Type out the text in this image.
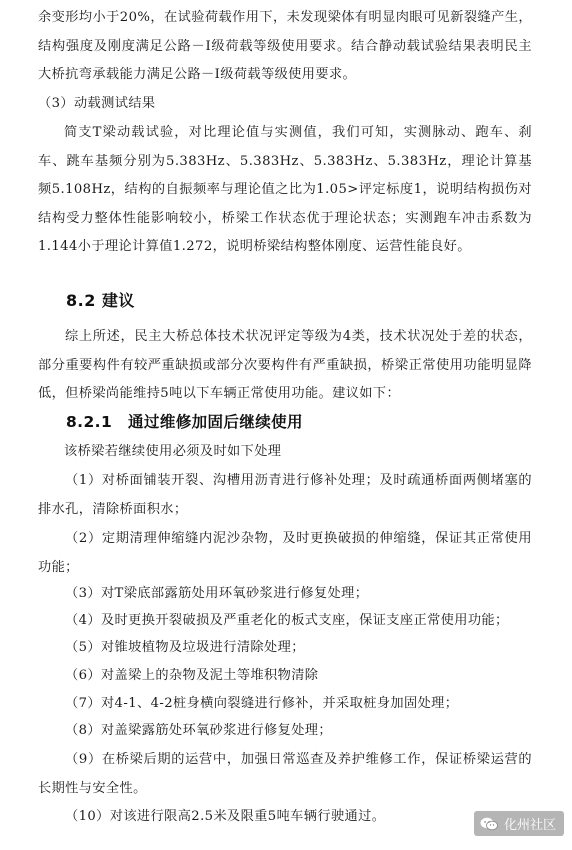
余变形均小于20%，在试验荷载作用下，未发现梁体有明显肉眼可见新裂缝产生，结构强度及刚度满足公路－Ⅰ级荷载等级使用要求。结合静动载试验结果表明民主大桥抗弯承载能力满足公路－Ⅰ级荷载等级使用要求。

（3）动载测试结果

简支T梁动载试验，对比理论值与实测值，我们可知，实测脉动、跑车、刹车、跳车基频分别为5.383Hz、5.383Hz、5.383Hz、5.383Hz，理论计算基频5.108Hz，结构的自振频率与理论值之比为1.05>评定标度1，说明结构损伤对结构受力整体性能影响较小，桥梁工作状态优于理论状态；实测跑车冲击系数为1.144小于理论计算值1.272，说明桥梁结构整体刚度、运营性能良好。

8.2 建议

综上所述，民主大桥总体技术状况评定等级为4类，技术状况处于差的状态，部分重要构件有较严重缺损或部分次要构件有严重缺损，桥梁正常使用功能明显降低，但桥梁尚能维持5吨以下车辆正常使用功能。建议如下：

8.2.1　通过维修加固后继续使用

该桥梁若继续使用必须及时如下处理

（1）对桥面铺装开裂、沟槽用沥青进行修补处理；及时疏通桥面两侧堵塞的排水孔，清除桥面积水；

（2）定期清理伸缩缝内泥沙杂物，及时更换破损的伸缩缝，保证其正常使用功能；

（3）对T梁底部露筋处用环氧砂浆进行修复处理；

（4）及时更换开裂破损及严重老化的板式支座，保证支座正常使用功能；

（5）对锥坡植物及垃圾进行清除处理；

（6）对盖梁上的杂物及泥土等堆积物清除

（7）对4-1、4-2桩身横向裂缝进行修补，并采取桩身加固处理；

（8）对盖梁露筋处环氧砂浆进行修复处理；

（9）在桥梁后期的运营中，加强日常巡查及养护维修工作，保证桥梁运营的长期性与安全性。

（10）对该进行限高2.5米及限重5吨车辆行驶通过。

化州社区
